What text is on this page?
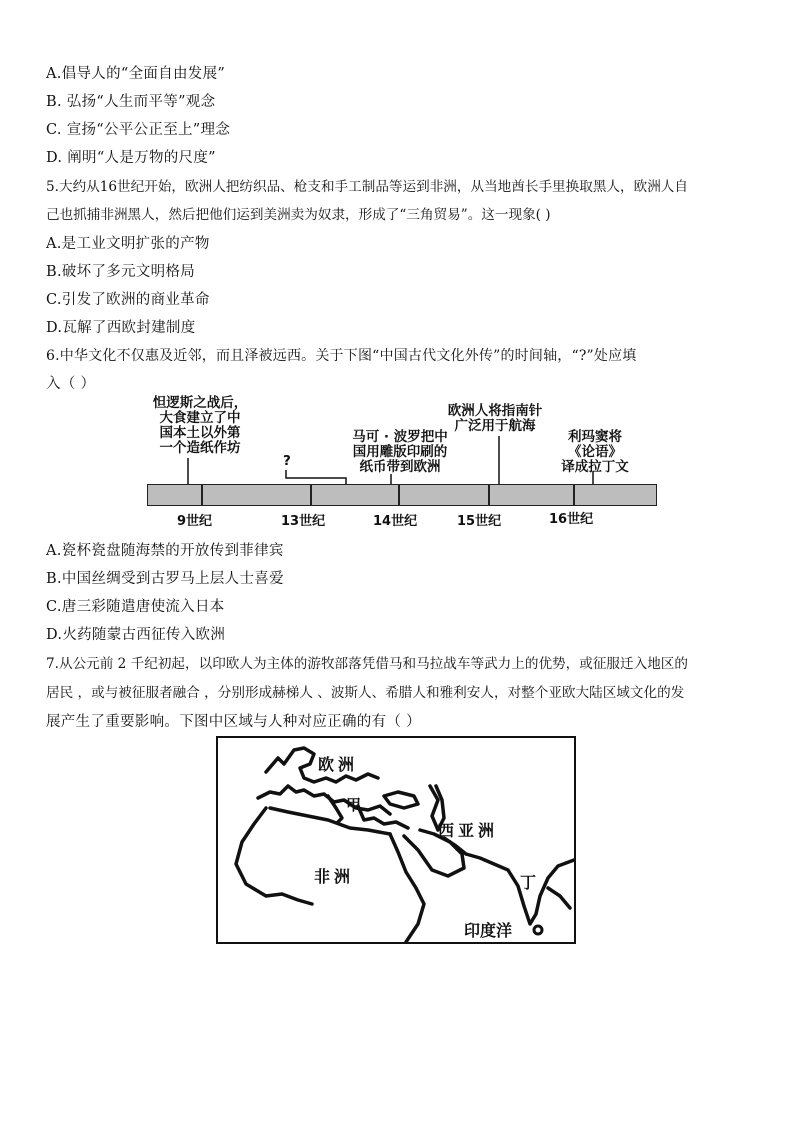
A.倡导人的“全面自由发展”
B. 弘扬“人生而平等”观念
C. 宣扬“公平公正至上”理念
D. 阐明“人是万物的尺度”
5.大约从16世纪开始，欧洲人把纺织品、枪支和手工制品等运到非洲，从当地酋长手里换取黑人，欧洲人自
己也抓捕非洲黑人，然后把他们运到美洲卖为奴隶，形成了“三角贸易”。这一现象( )
A.是工业文明扩张的产物
B.破坏了多元文明格局
C.引发了欧洲的商业革命
D.瓦解了西欧封建制度
6.中华文化不仅惠及近邻，而且泽被远西。关于下图“中国古代文化外传”的时间轴，“?”处应填
入（ ）
怛逻斯之战后，
大食建立了中
国本土以外第
一个造纸作坊
?
马可 · 波罗把中
国用雕版印刷的
纸币带到欧洲
欧洲人将指南针
广泛用于航海
利玛窦将
《论语》
译成拉丁文
9世纪	13世纪	14世纪	15世纪	16世纪
A.瓷杯瓷盘随海禁的开放传到菲律宾
B.中国丝绸受到古罗马上层人士喜爱
C.唐三彩随遣唐使流入日本
D.火药随蒙古西征传入欧洲
7.从公元前 2 千纪初起，以印欧人为主体的游牧部落凭借马和马拉战车等武力上的优势，或征服迁入地区的
居民 ，或与被征服者融合 ，分别形成赫梯人 、波斯人、希腊人和雅利安人，对整个亚欧大陆区域文化的发
展产生了重要影响。下图中区域与人种对应正确的有（ ）
欧洲
甲
西亚洲
非洲	丁
印度洋
